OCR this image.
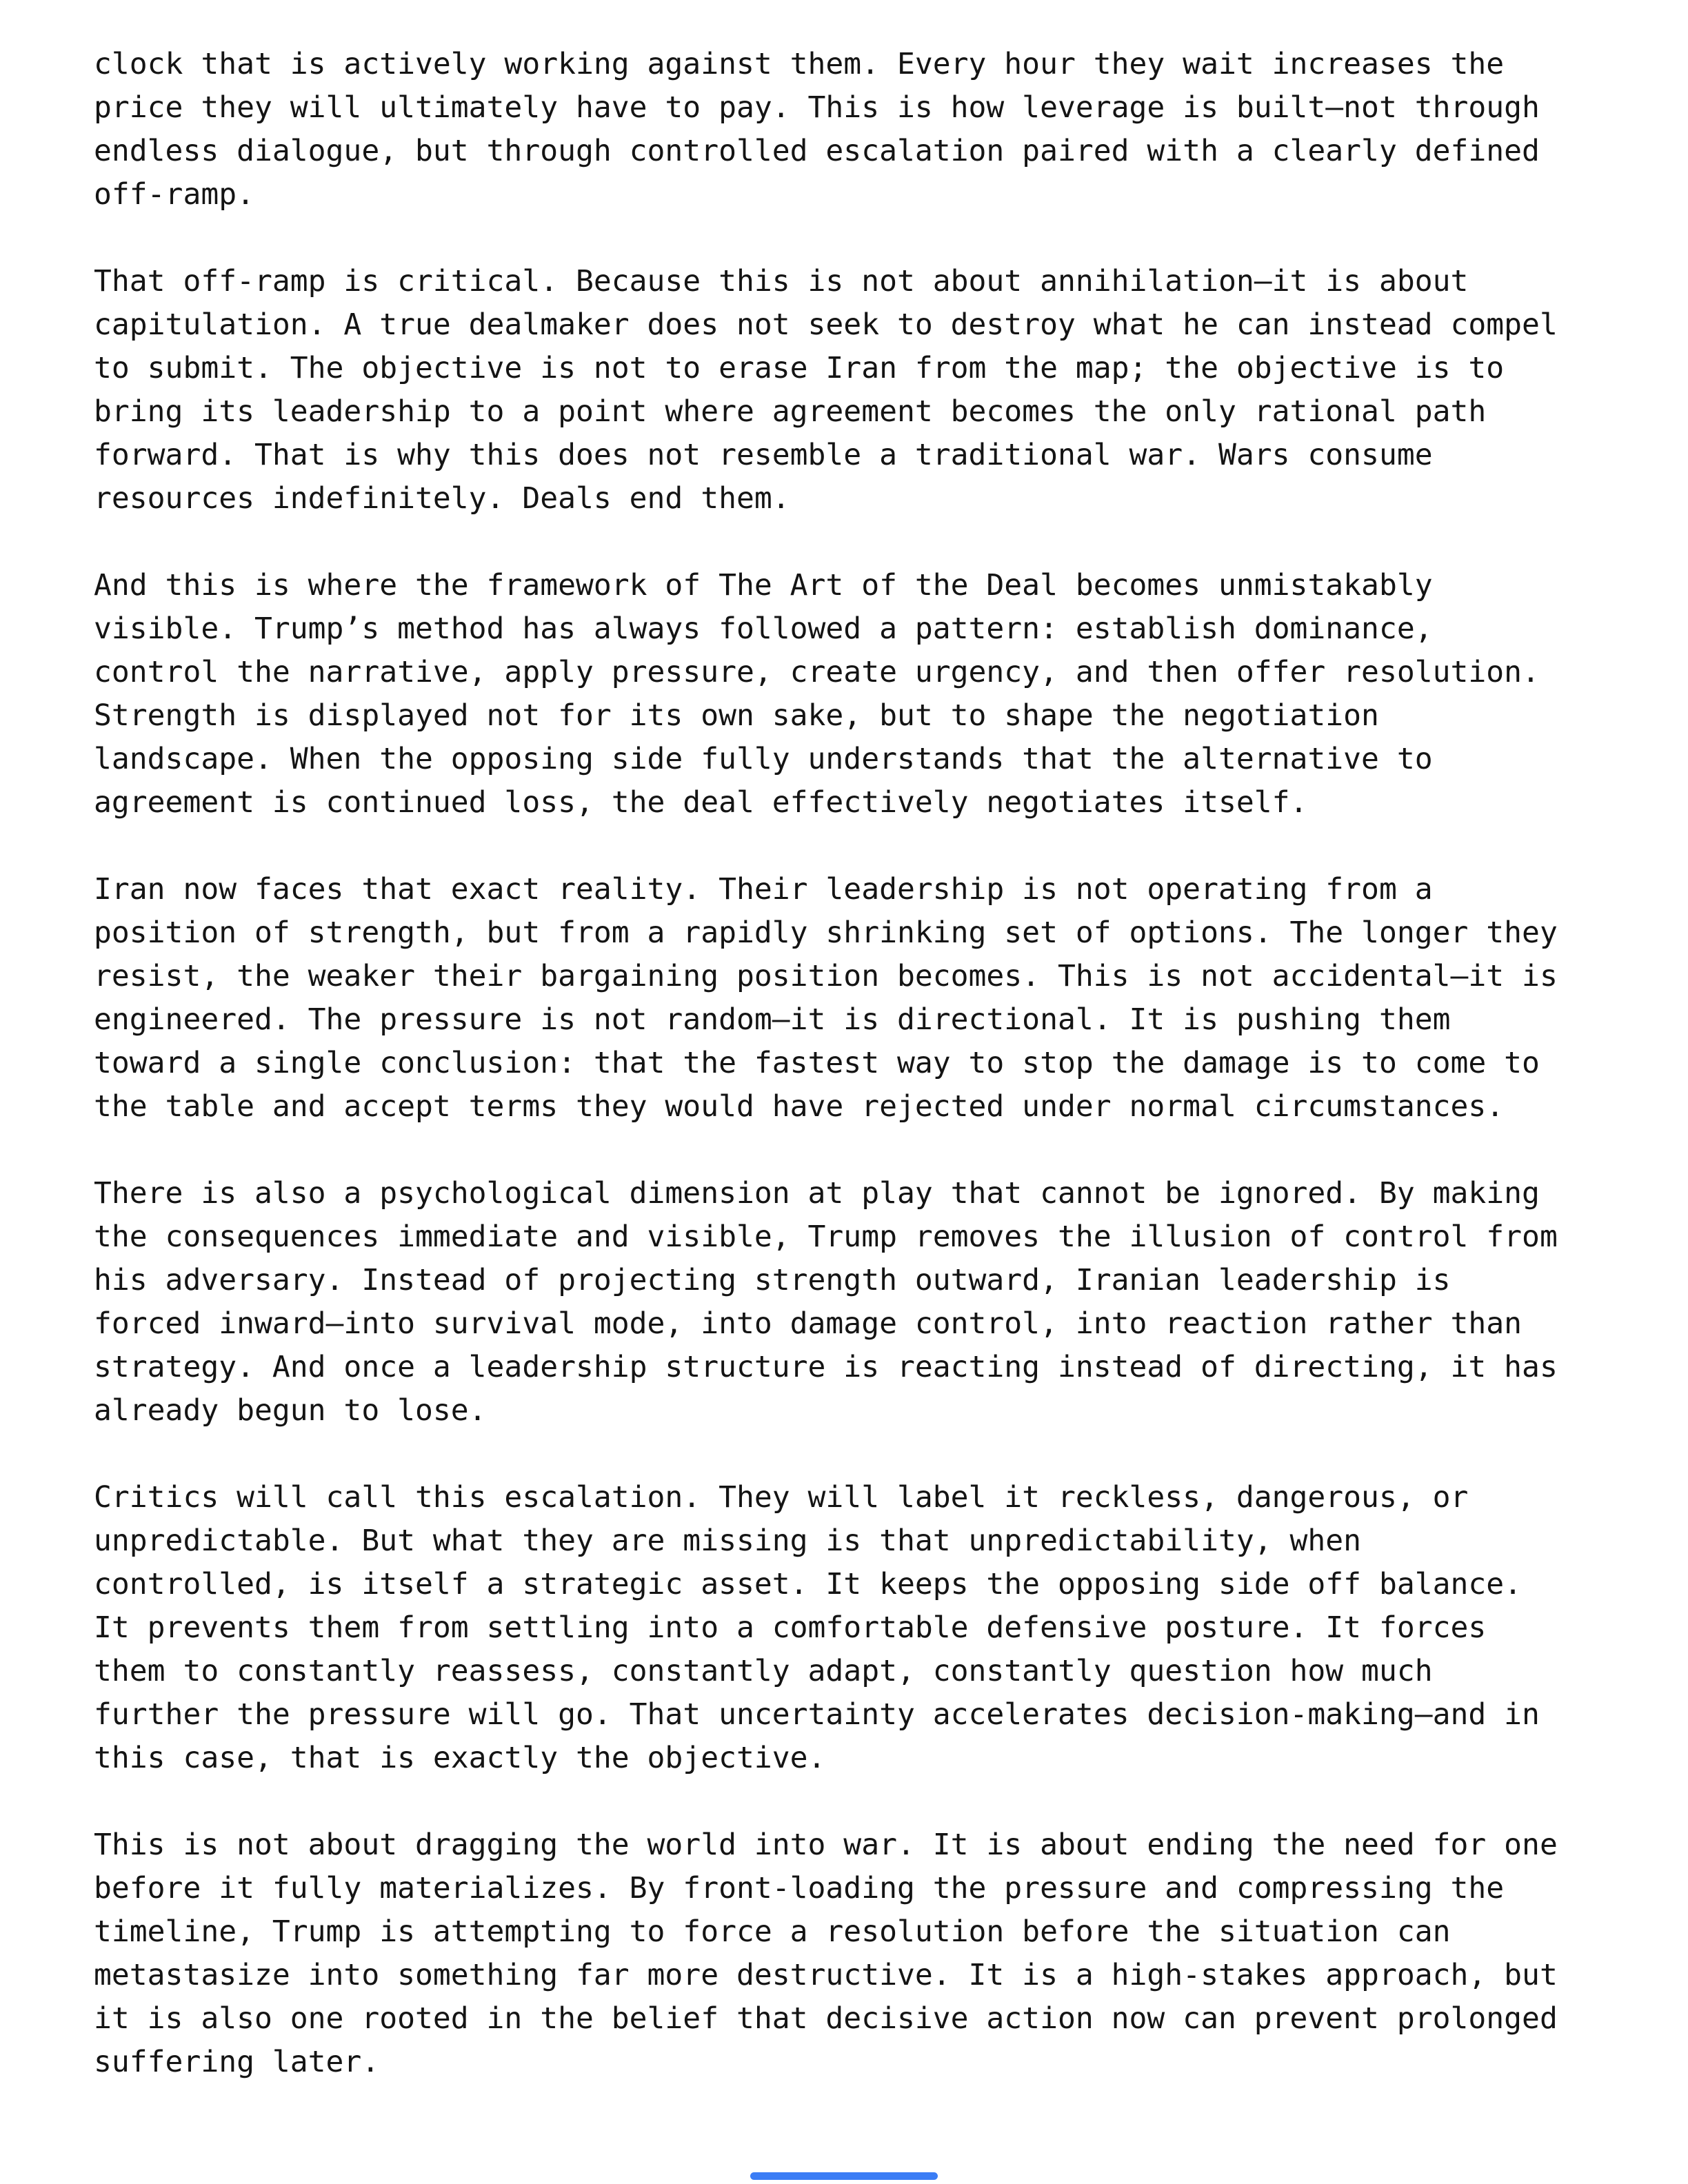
clock that is actively working against them. Every hour they wait increases the price they will ultimately have to pay. This is how leverage is built—not through endless dialogue, but through controlled escalation paired with a clearly defined off-ramp.

That off-ramp is critical. Because this is not about annihilation—it is about capitulation. A true dealmaker does not seek to destroy what he can instead compel to submit. The objective is not to erase Iran from the map; the objective is to bring its leadership to a point where agreement becomes the only rational path forward. That is why this does not resemble a traditional war. Wars consume resources indefinitely. Deals end them.

And this is where the framework of The Art of the Deal becomes unmistakably visible. Trump’s method has always followed a pattern: establish dominance, control the narrative, apply pressure, create urgency, and then offer resolution. Strength is displayed not for its own sake, but to shape the negotiation landscape. When the opposing side fully understands that the alternative to agreement is continued loss, the deal effectively negotiates itself.

Iran now faces that exact reality. Their leadership is not operating from a position of strength, but from a rapidly shrinking set of options. The longer they resist, the weaker their bargaining position becomes. This is not accidental—it is engineered. The pressure is not random—it is directional. It is pushing them toward a single conclusion: that the fastest way to stop the damage is to come to the table and accept terms they would have rejected under normal circumstances.

There is also a psychological dimension at play that cannot be ignored. By making the consequences immediate and visible, Trump removes the illusion of control from his adversary. Instead of projecting strength outward, Iranian leadership is forced inward—into survival mode, into damage control, into reaction rather than strategy. And once a leadership structure is reacting instead of directing, it has already begun to lose.

Critics will call this escalation. They will label it reckless, dangerous, or unpredictable. But what they are missing is that unpredictability, when controlled, is itself a strategic asset. It keeps the opposing side off balance. It prevents them from settling into a comfortable defensive posture. It forces them to constantly reassess, constantly adapt, constantly question how much further the pressure will go. That uncertainty accelerates decision-making—and in this case, that is exactly the objective.

This is not about dragging the world into war. It is about ending the need for one before it fully materializes. By front-loading the pressure and compressing the timeline, Trump is attempting to force a resolution before the situation can metastasize into something far more destructive. It is a high-stakes approach, but it is also one rooted in the belief that decisive action now can prevent prolonged suffering later.
